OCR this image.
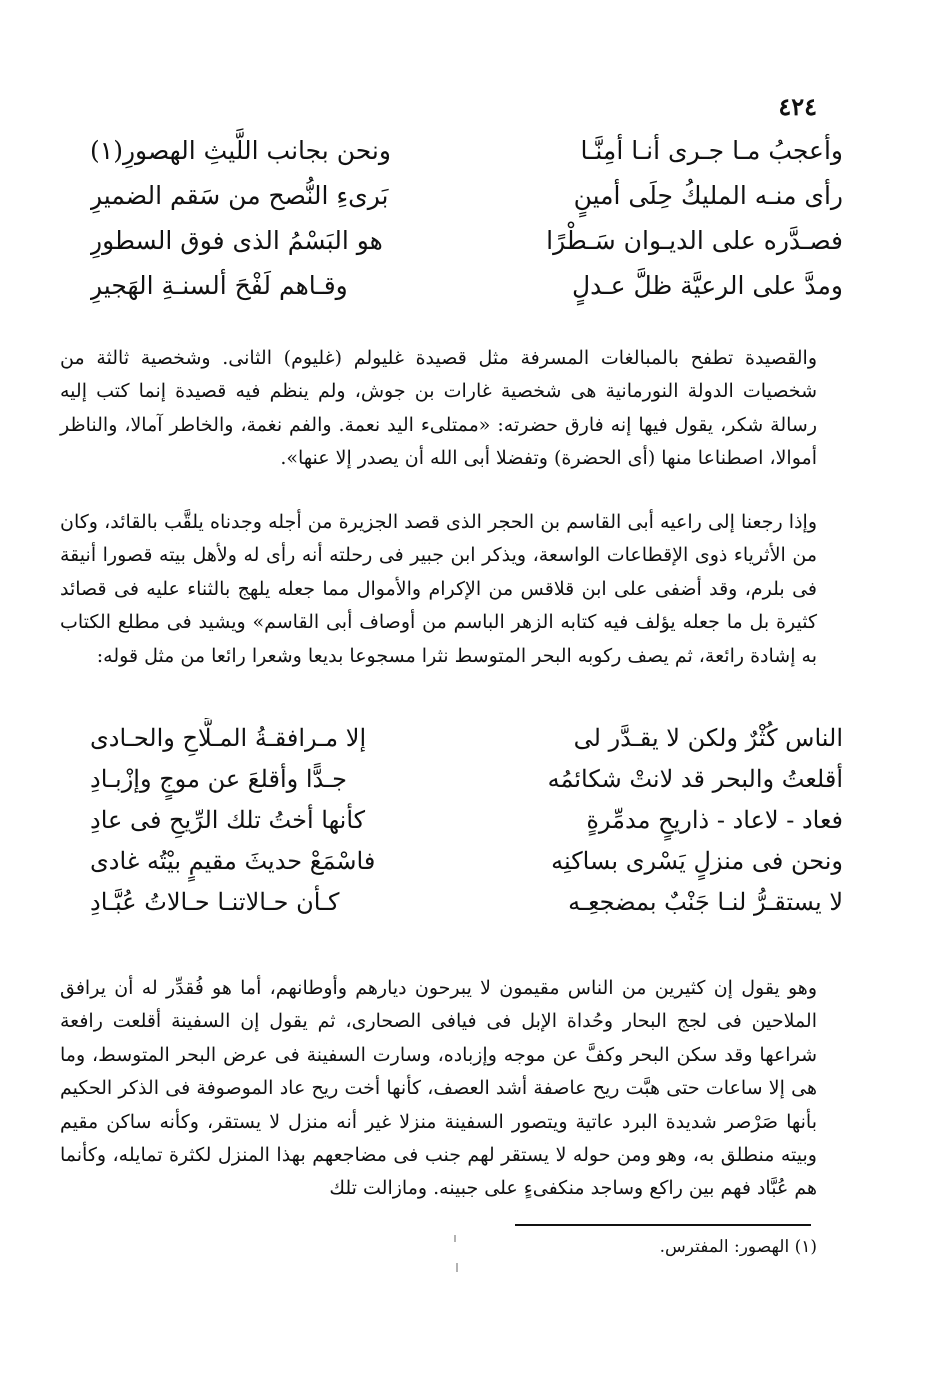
٤٢٤
وأعجبُ مـا جـرى أنـا أمِنَّـا
ونحن بجانب اللَّيثِ الهصورِ(١)
رأى منـه المليكُ حِلَى أمينٍ
بَرىءِ النُّصح من سَقم الضميرِ
فصـدَّره على الديـوان سَـطْرًا
هو البَسْمُ الذى فوق السطورِ
ومدَّ على الرعيَّة ظلَّ عـدلٍ
وقـاهم لَفْحَ ألسنـةِ الهَجيرِ

والقصيدة تطفح بالمبالغات المسرفة مثل قصيدة غليولم (غليوم) الثانى. وشخصية ثالثة من شخصيات الدولة النورمانية هى شخصية غارات بن جوش، ولم ينظم فيه قصيدة إنما كتب إليه رسالة شكر، يقول فيها إنه فارق حضرته: «ممتلىء اليد نعمة. والفم نغمة، والخاطر آمالا، والناظر أموالا، اصطناعا منها (أى الحضرة) وتفضلا أبى الله أن يصدر إلا عنها».

وإذا رجعنا إلى راعيه أبى القاسم بن الحجر الذى قصد الجزيرة من أجله وجدناه يلقَّب بالقائد، وكان من الأثرياء ذوى الإقطاعات الواسعة، ويذكر ابن جبير فى رحلته أنه رأى له ولأهل بيته قصورا أنيقة فى بلرم، وقد أضفى على ابن قلاقس من الإكرام والأموال مما جعله يلهج بالثناء عليه فى قصائد كثيرة بل ما جعله يؤلف فيه كتابه الزهر الباسم من أوصاف أبى القاسم» ويشيد فى مطلع الكتاب به إشادة رائعة، ثم يصف ركوبه البحر المتوسط نثرا مسجوعا بديعا وشعرا رائعا من مثل قوله:

الناس كُثْرٌ ولكن لا يقـدَّر لى
إلا مـرافقـةُ المـلَّاحِ والحـادى
أقلعتُ والبحر قد لانتْ شكائمُه
جـدًّا وأقلعَ عن موجٍ وإزْبـادِ
فعاد - لاعاد - ذاريحٍ مدمِّرةٍ
كأنها أختُ تلك الرِّيحِ فى عادِ
ونحن فى منزلٍ يَسْرى بساكنِه
فاسْمَعْ حديثَ مقيمٍ بيْتُه غادى
لا يستقـرُّ لنـا جَنْبٌ بمضجعِـه
كـأن حـالاتنـا حـالاتُ عُبَّـادِ

وهو يقول إن كثيرين من الناس مقيمون لا يبرحون ديارهم وأوطانهم، أما هو فُقدِّر له أن يرافق الملاحين فى لجج البحار وحُداة الإبل فى فيافى الصحارى، ثم يقول إن السفينة أقلعت رافعة شراعها وقد سكن البحر وكفَّ عن موجه وإزباده، وسارت السفينة فى عرض البحر المتوسط، وما هى إلا ساعات حتى هبَّت ريح عاصفة أشد العصف، كأنها أخت ريح عاد الموصوفة فى الذكر الحكيم بأنها صَرْصر شديدة البرد عاتية ويتصور السفينة منزلا غير أنه منزل لا يستقر، وكأنه ساكن مقيم وبيته منطلق به، وهو ومن حوله لا يستقر لهم جنب فى مضاجعهم بهذا المنزل لكثرة تمايله، وكأنما هم عُبَّاد فهم بين راكع وساجد منكفىءٍ على جبينه. ومازالت تلك

(١) الهصور: المفترس.
